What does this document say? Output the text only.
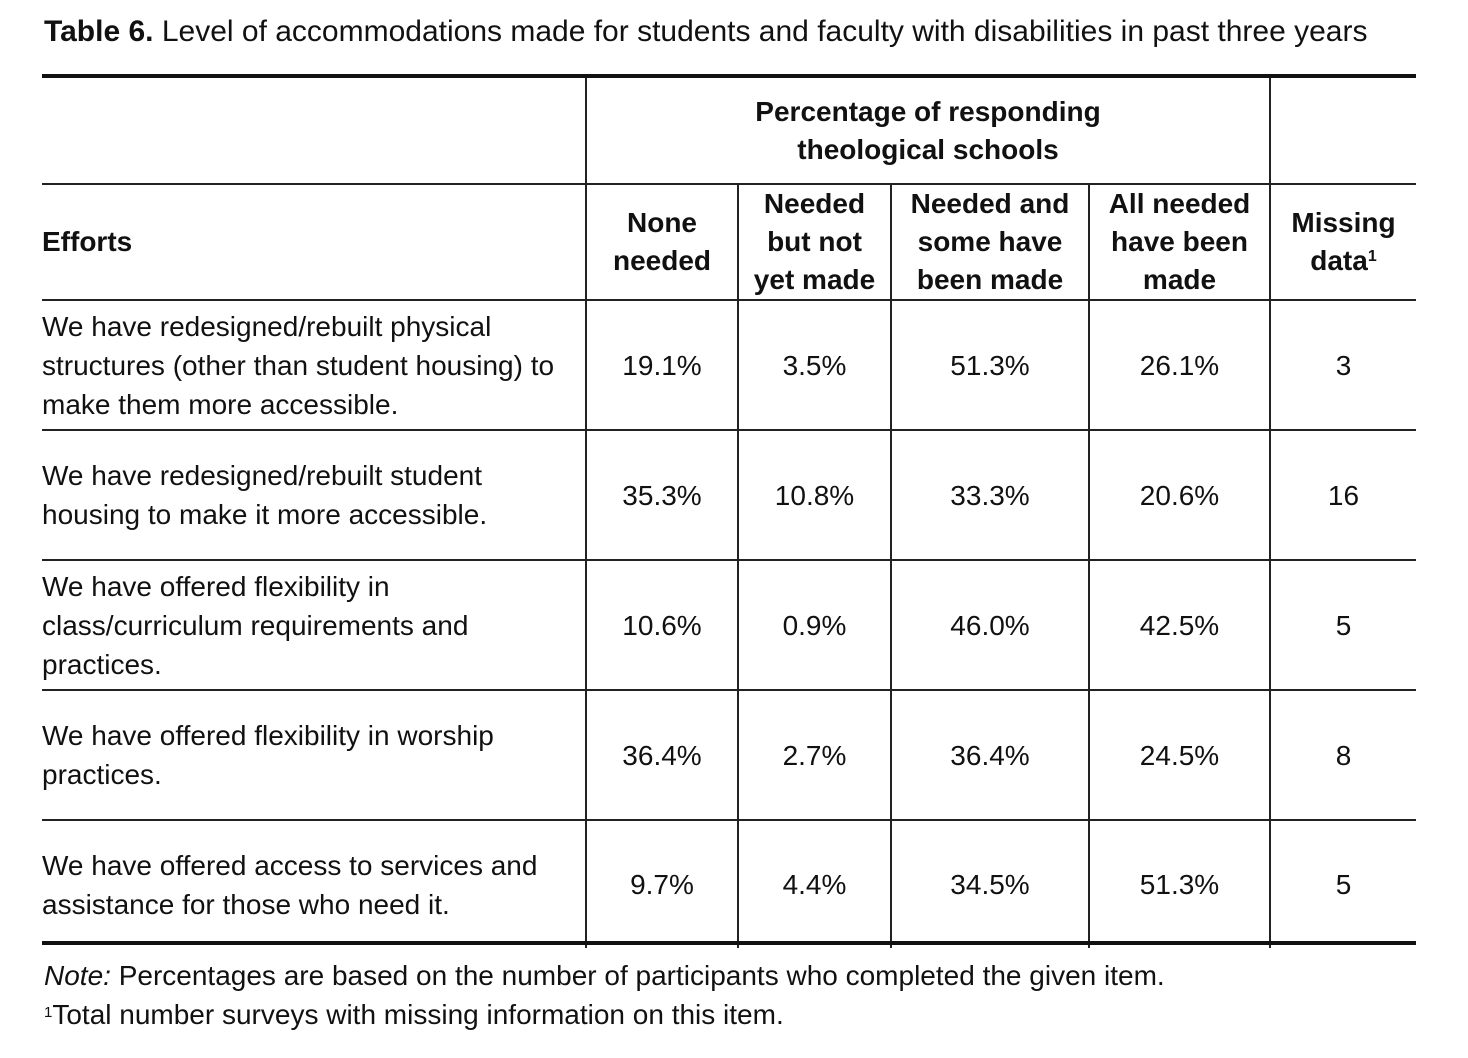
Table 6. Level of accommodations made for students and faculty with disabilities in past three years
	Percentage of responding theological schools				
Efforts	None needed	Needed but not yet made	Needed and some have been made	All needed have been made	Missing data$^1$
We have redesigned/rebuilt physical structures (other than student housing) to make them more accessible.	19.1%	3.5%	51.3%	26.1%	3
We have redesigned/rebuilt student housing to make it more accessible.	35.3%	10.8%	33.3%	20.6%	16
We have offered flexibility in class/curriculum requirements and practices.	10.6%	0.9%	46.0%	42.5%	5
We have offered flexibility in worship practices.	36.4%	2.7%	36.4%	24.5%	8
We have offered access to services and assistance for those who need it.	9.7%	4.4%	34.5%	51.3%	5
Note: Percentages are based on the number of participants who completed the given item.
$^1$Total number surveys with missing information on this item.
